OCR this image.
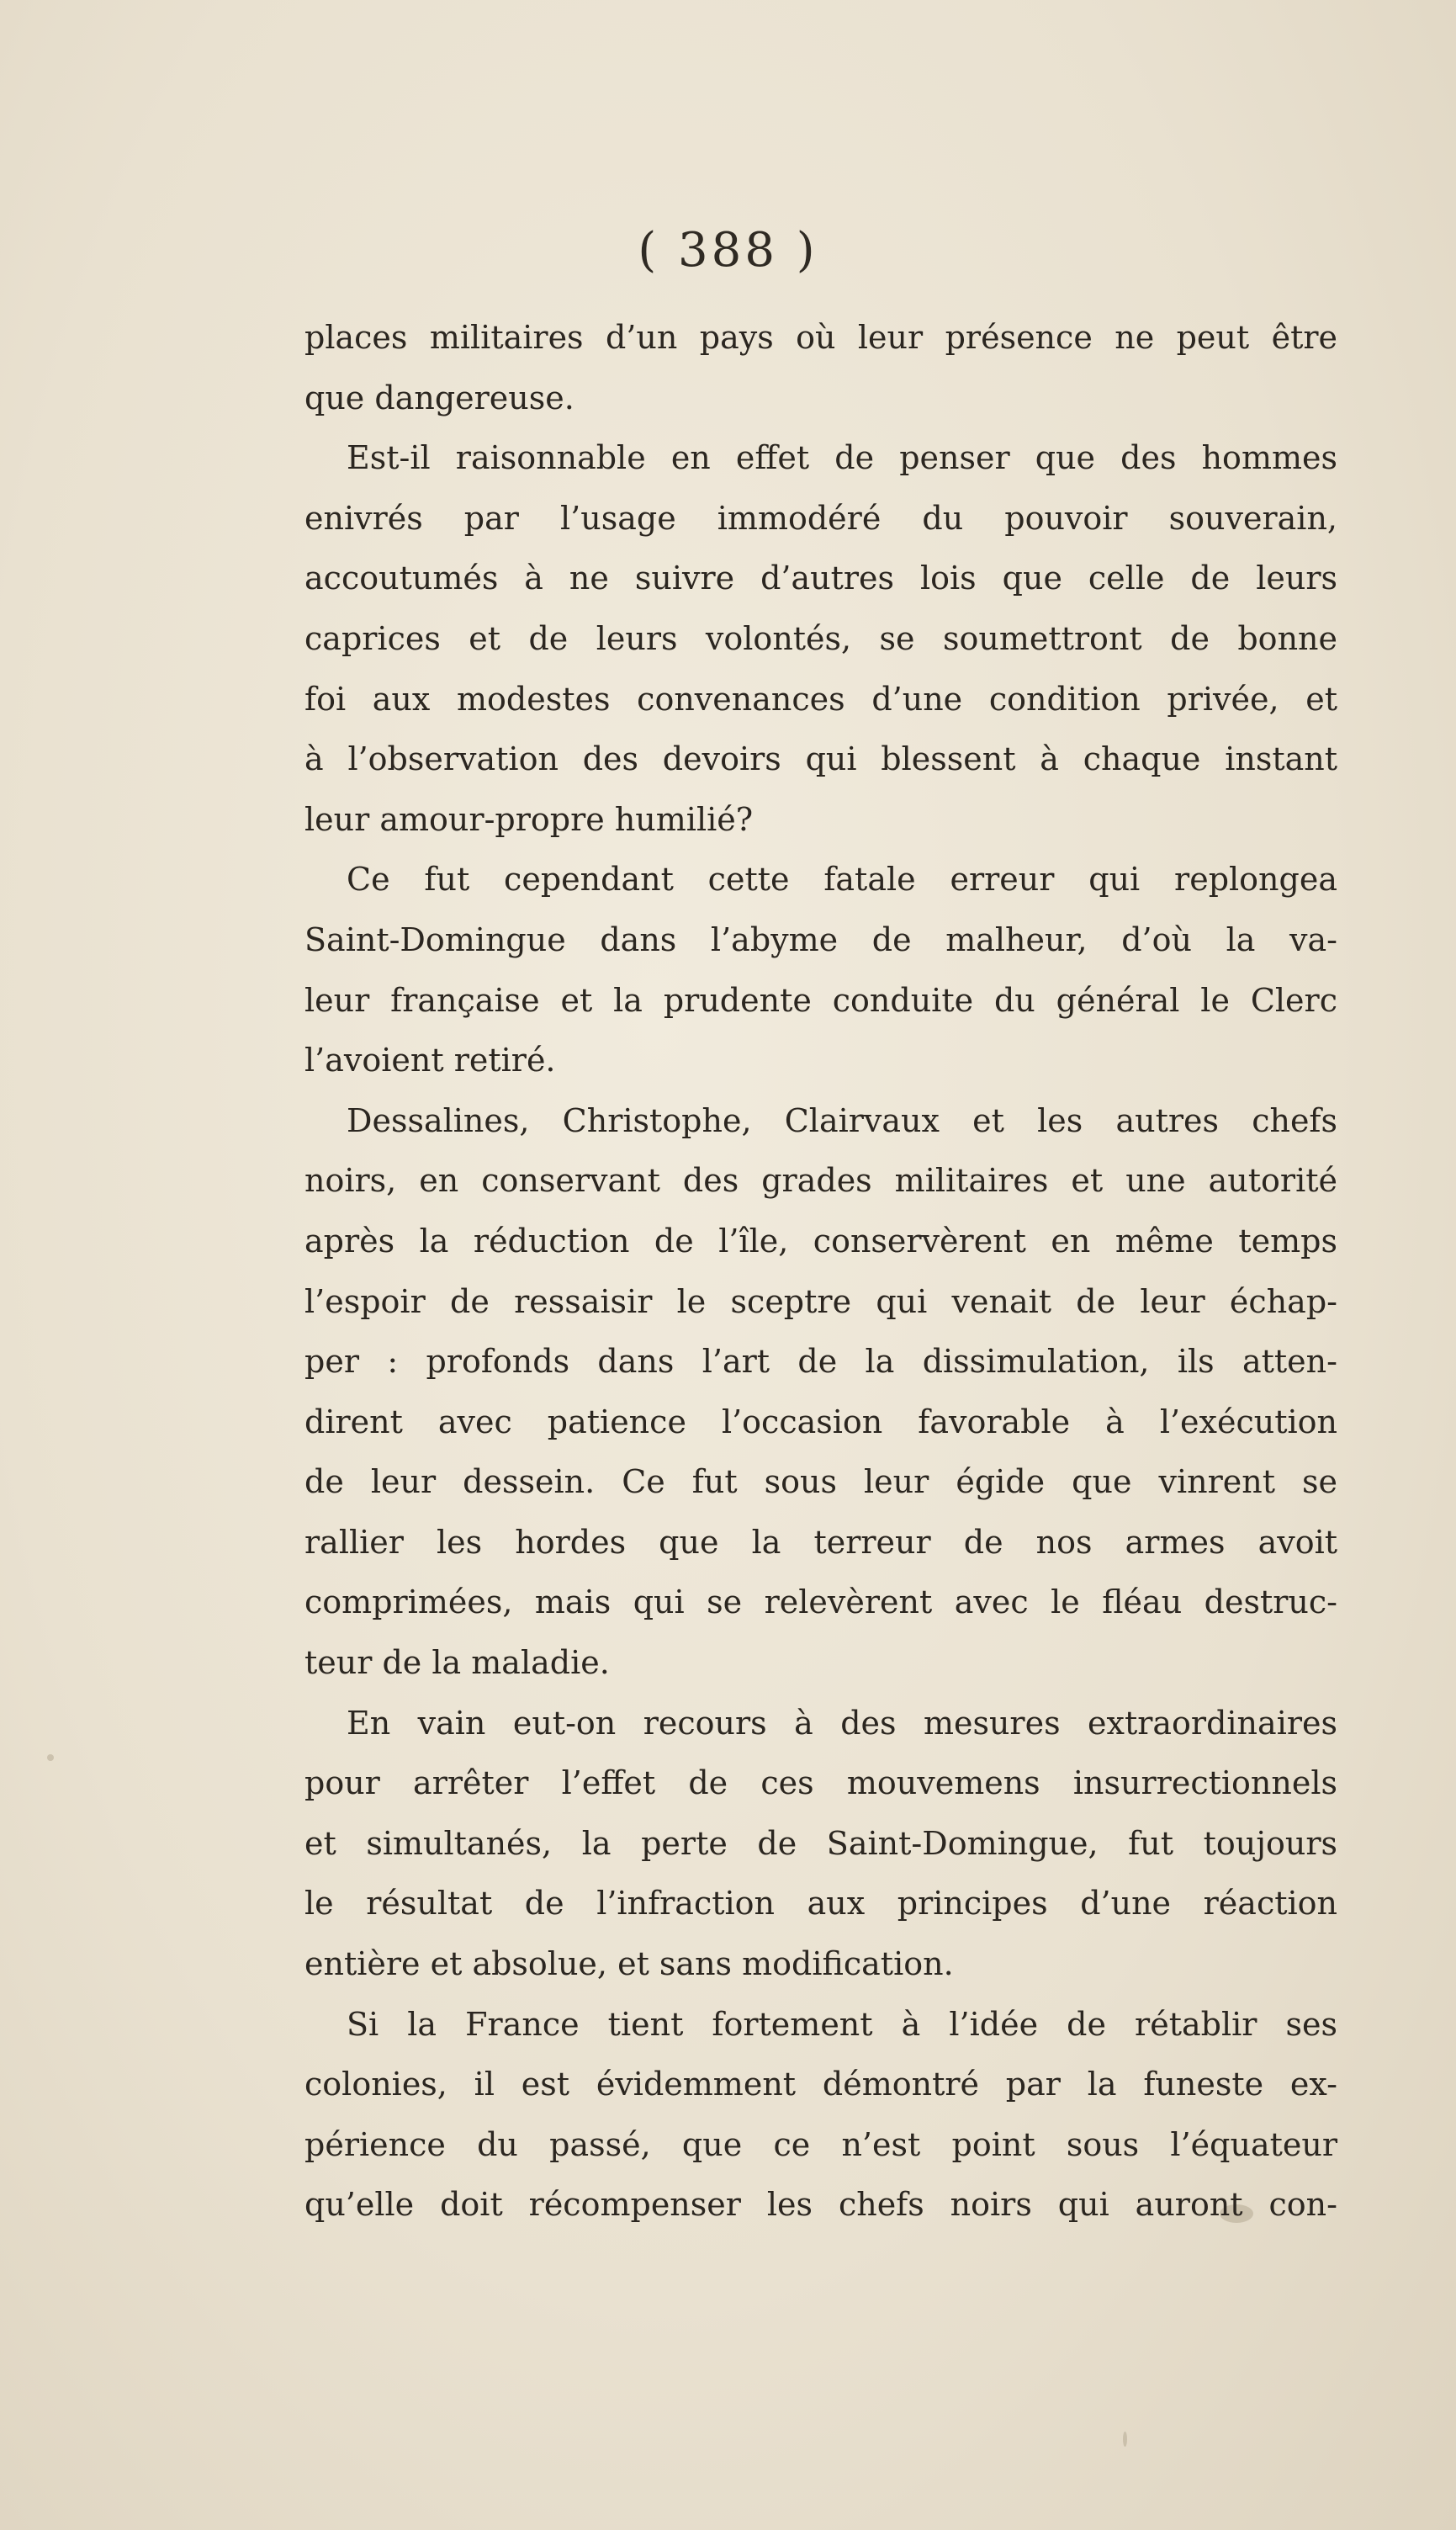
( 388 )
places militaires d’un pays où leur présence ne peut être
que dangereuse.
Est-il raisonnable en effet de penser que des hommes
enivrés par l’usage immodéré du pouvoir souverain,
accoutumés à ne suivre d’autres lois que celle de leurs
caprices et de leurs volontés, se soumettront de bonne
foi aux modestes convenances d’une condition privée, et
à l’observation des devoirs qui blessent à chaque instant
leur amour-propre humilié?
Ce fut cependant cette fatale erreur qui replongea
Saint-Domingue dans l’abyme de malheur, d’où la va-
leur française et la prudente conduite du général le Clerc
l’avoient retiré.
Dessalines, Christophe, Clairvaux et les autres chefs
noirs, en conservant des grades militaires et une autorité
après la réduction de l’île, conservèrent en même temps
l’espoir de ressaisir le sceptre qui venait de leur échap-
per : profonds dans l’art de la dissimulation, ils atten-
dirent avec patience l’occasion favorable à l’exécution
de leur dessein. Ce fut sous leur égide que vinrent se
rallier les hordes que la terreur de nos armes avoit
comprimées, mais qui se relevèrent avec le fléau destruc-
teur de la maladie.
En vain eut-on recours à des mesures extraordinaires
pour arrêter l’effet de ces mouvemens insurrectionnels
et simultanés, la perte de Saint-Domingue, fut toujours
le résultat de l’infraction aux principes d’une réaction
entière et absolue, et sans modification.
Si la France tient fortement à l’idée de rétablir ses
colonies, il est évidemment démontré par la funeste ex-
périence du passé, que ce n’est point sous l’équateur
qu’elle doit récompenser les chefs noirs qui auront con-
